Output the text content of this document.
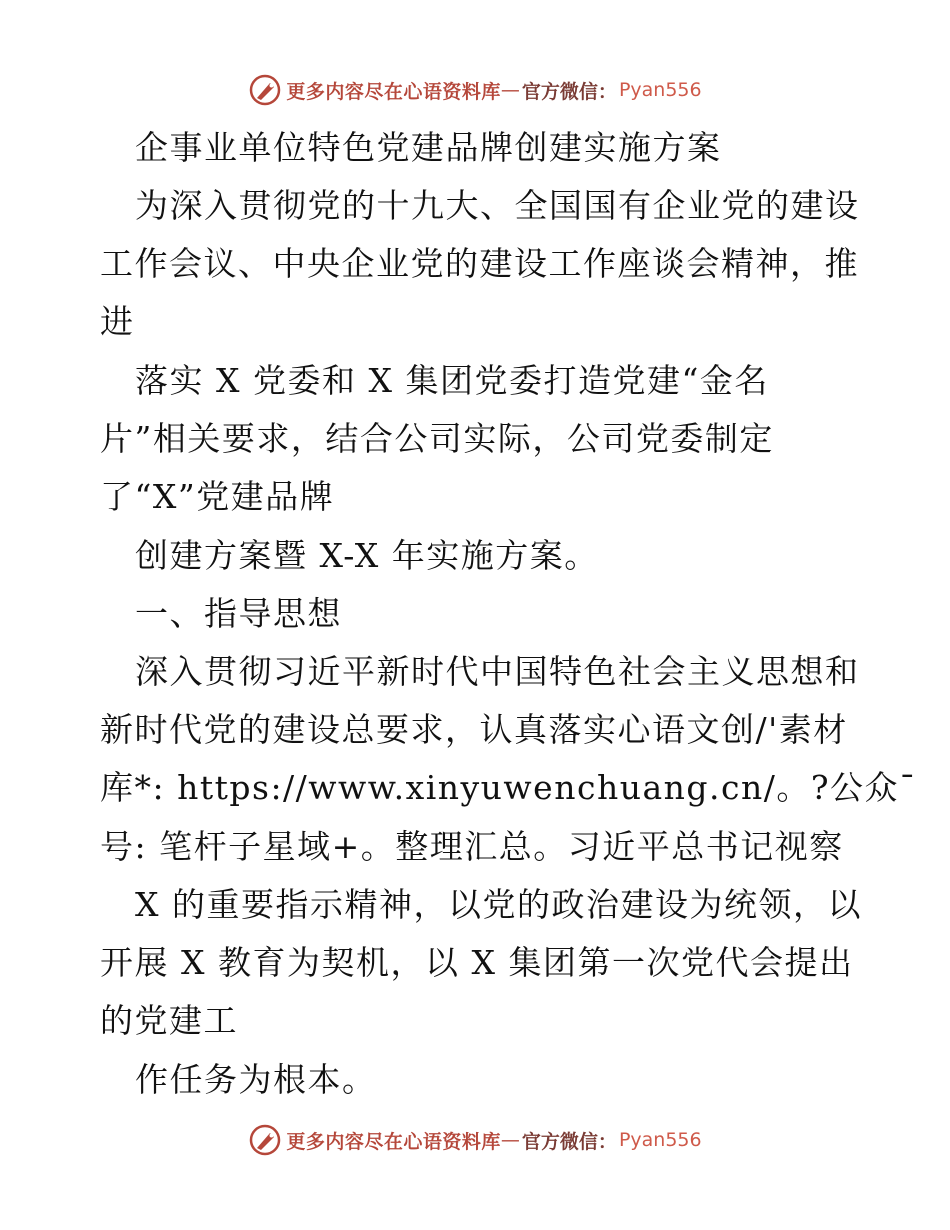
更多内容尽在心语资料库 — 官方微信： Pyan556
企事业单位特色党建品牌创建实施方案
为深入贯彻党的十九大、全国国有企业党的建设
工作会议、中央企业党的建设工作座谈会精神，推
进
落实 X 党委和 X 集团党委打造党建“金名
片”相关要求，结合公司实际，公司党委制定
了“X”党建品牌
创建方案暨 X-X 年实施方案。
一、指导思想
深入贯彻习近平新时代中国特色社会主义思想和
新时代党的建设总要求，认真落实心语文创/'素材
库*: https://www.xinyuwenchuang.cn/。?公众¯
号: 笔杆子星域+。整理汇总。习近平总书记视察
X 的重要指示精神，以党的政治建设为统领，以
开展 X 教育为契机，以 X 集团第一次党代会提出
的党建工
作任务为根本。
更多内容尽在心语资料库 — 官方微信： Pyan556
